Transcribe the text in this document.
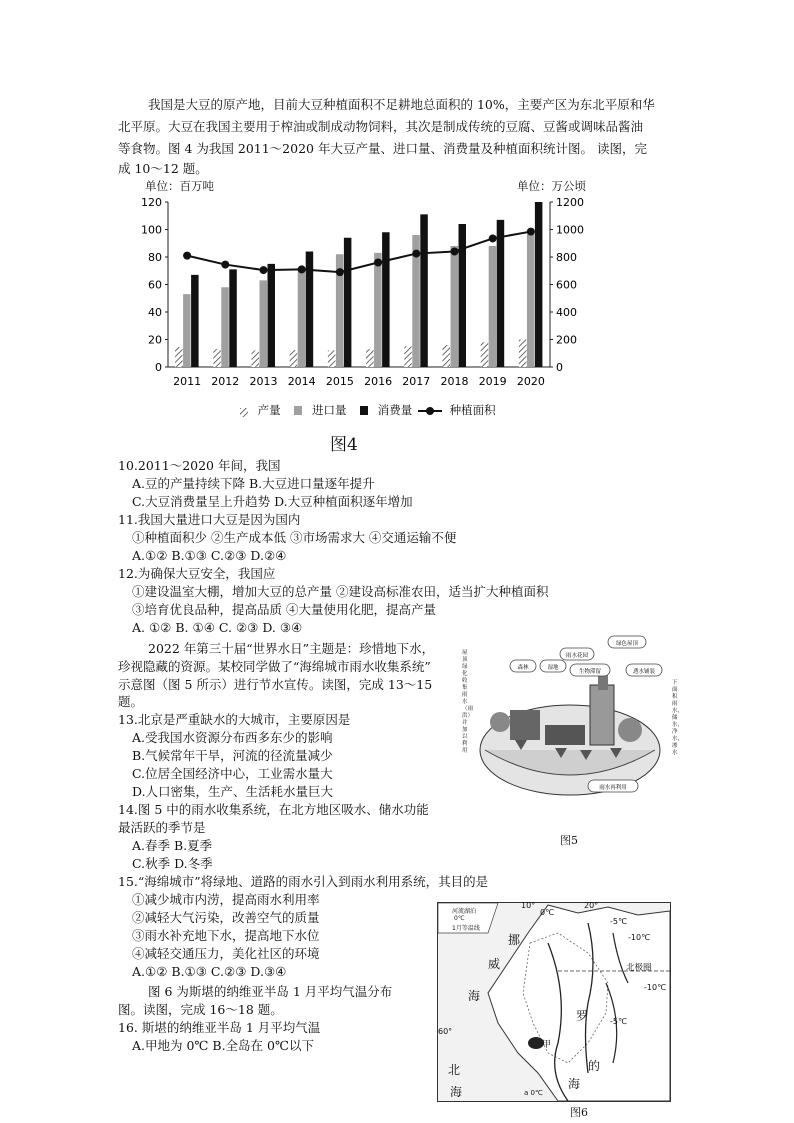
我国是大豆的原产地，目前大豆种植面积不足耕地总面积的 10%，主要产区为东北平原和华
北平原。大豆在我国主要用于榨油或制成动物饲料，其次是制成传统的豆腐、豆酱或调味品酱油
等食物。图 4 为我国 2011～2020 年大豆产量、进口量、消费量及种植面积统计图。 读图，完
成 10～12 题。
单位：百万吨	单位：万公顷
0
20
40
60
80
100
120
0
200
400
600
800
1000
1200
2011 2012 2013 2014 2015 2016 2017 2018 2019 2020
产量	进口量	消费量	种植面积
图4
10.2011～2020 年间，我国
A.豆的产量持续下降 B.大豆进口量逐年提升
C.大豆消费量呈上升趋势 D.大豆种植面积逐年增加
11.我国大量进口大豆是因为国内
①种植面积少 ②生产成本低 ③市场需求大 ④交通运输不便
A.①② B.①③ C.②③ D.②④
12.为确保大豆安全，我国应
①建设温室大棚，增加大豆的总产量 ②建设高标准农田，适当扩大种植面积
③培育优良品种，提高品质 ④大量使用化肥，提高产量
A. ①② B. ①④ C. ②③ D. ③④
2022 年第三十届“世界水日”主题是：珍惜地下水，
珍视隐藏的资源。某校同学做了“海绵城市雨水收集系统”
示意图（图 5 所示）进行节水宣传。读图，完成 13～15
题。
13.北京是严重缺水的大城市，主要原因是
A.受我国水资源分布西多东少的影响
B.气候常年干旱，河流的径流量减少
C.位居全国经济中心，工业需水量大
D.人口密集，生产、生活耗水量巨大
14.图 5 中的雨水收集系统，在北方地区吸水、储水功能
最活跃的季节是
A.春季 B.夏季
C.秋季 D.冬季
15.“海绵城市”将绿地、道路的雨水引入到雨水利用系统，其目的是
①减少城市内涝，提高雨水利用率
②减轻大气污染，改善空气的质量
③雨水补充地下水，提高地下水位
④减轻交通压力，美化社区的环境
A.①② B.①③ C.②③ D.③④
图 6 为斯堪的纳维亚半岛 1 月平均气温分布
图。读图，完成 16～18 题。
16. 斯堪的纳维亚半岛 1 月平均气温
A.甲地为 0℃ B.全岛在 0℃以下
绿色屋顶
雨水花园
森林	湿地
生物滞留	透水铺装
雨水再利用
屋顶绿化收集雨水（雨洪）并加以利用
下面积雨水，储水，净水，渗水
图5
河流湖泊
0℃
1月等温线
10°	20°
0℃
-5℃
-10℃
北极圈
-10℃
-5℃
60°
挪
威
海
北
海
罗
的
海
甲
a 0℃
图6
